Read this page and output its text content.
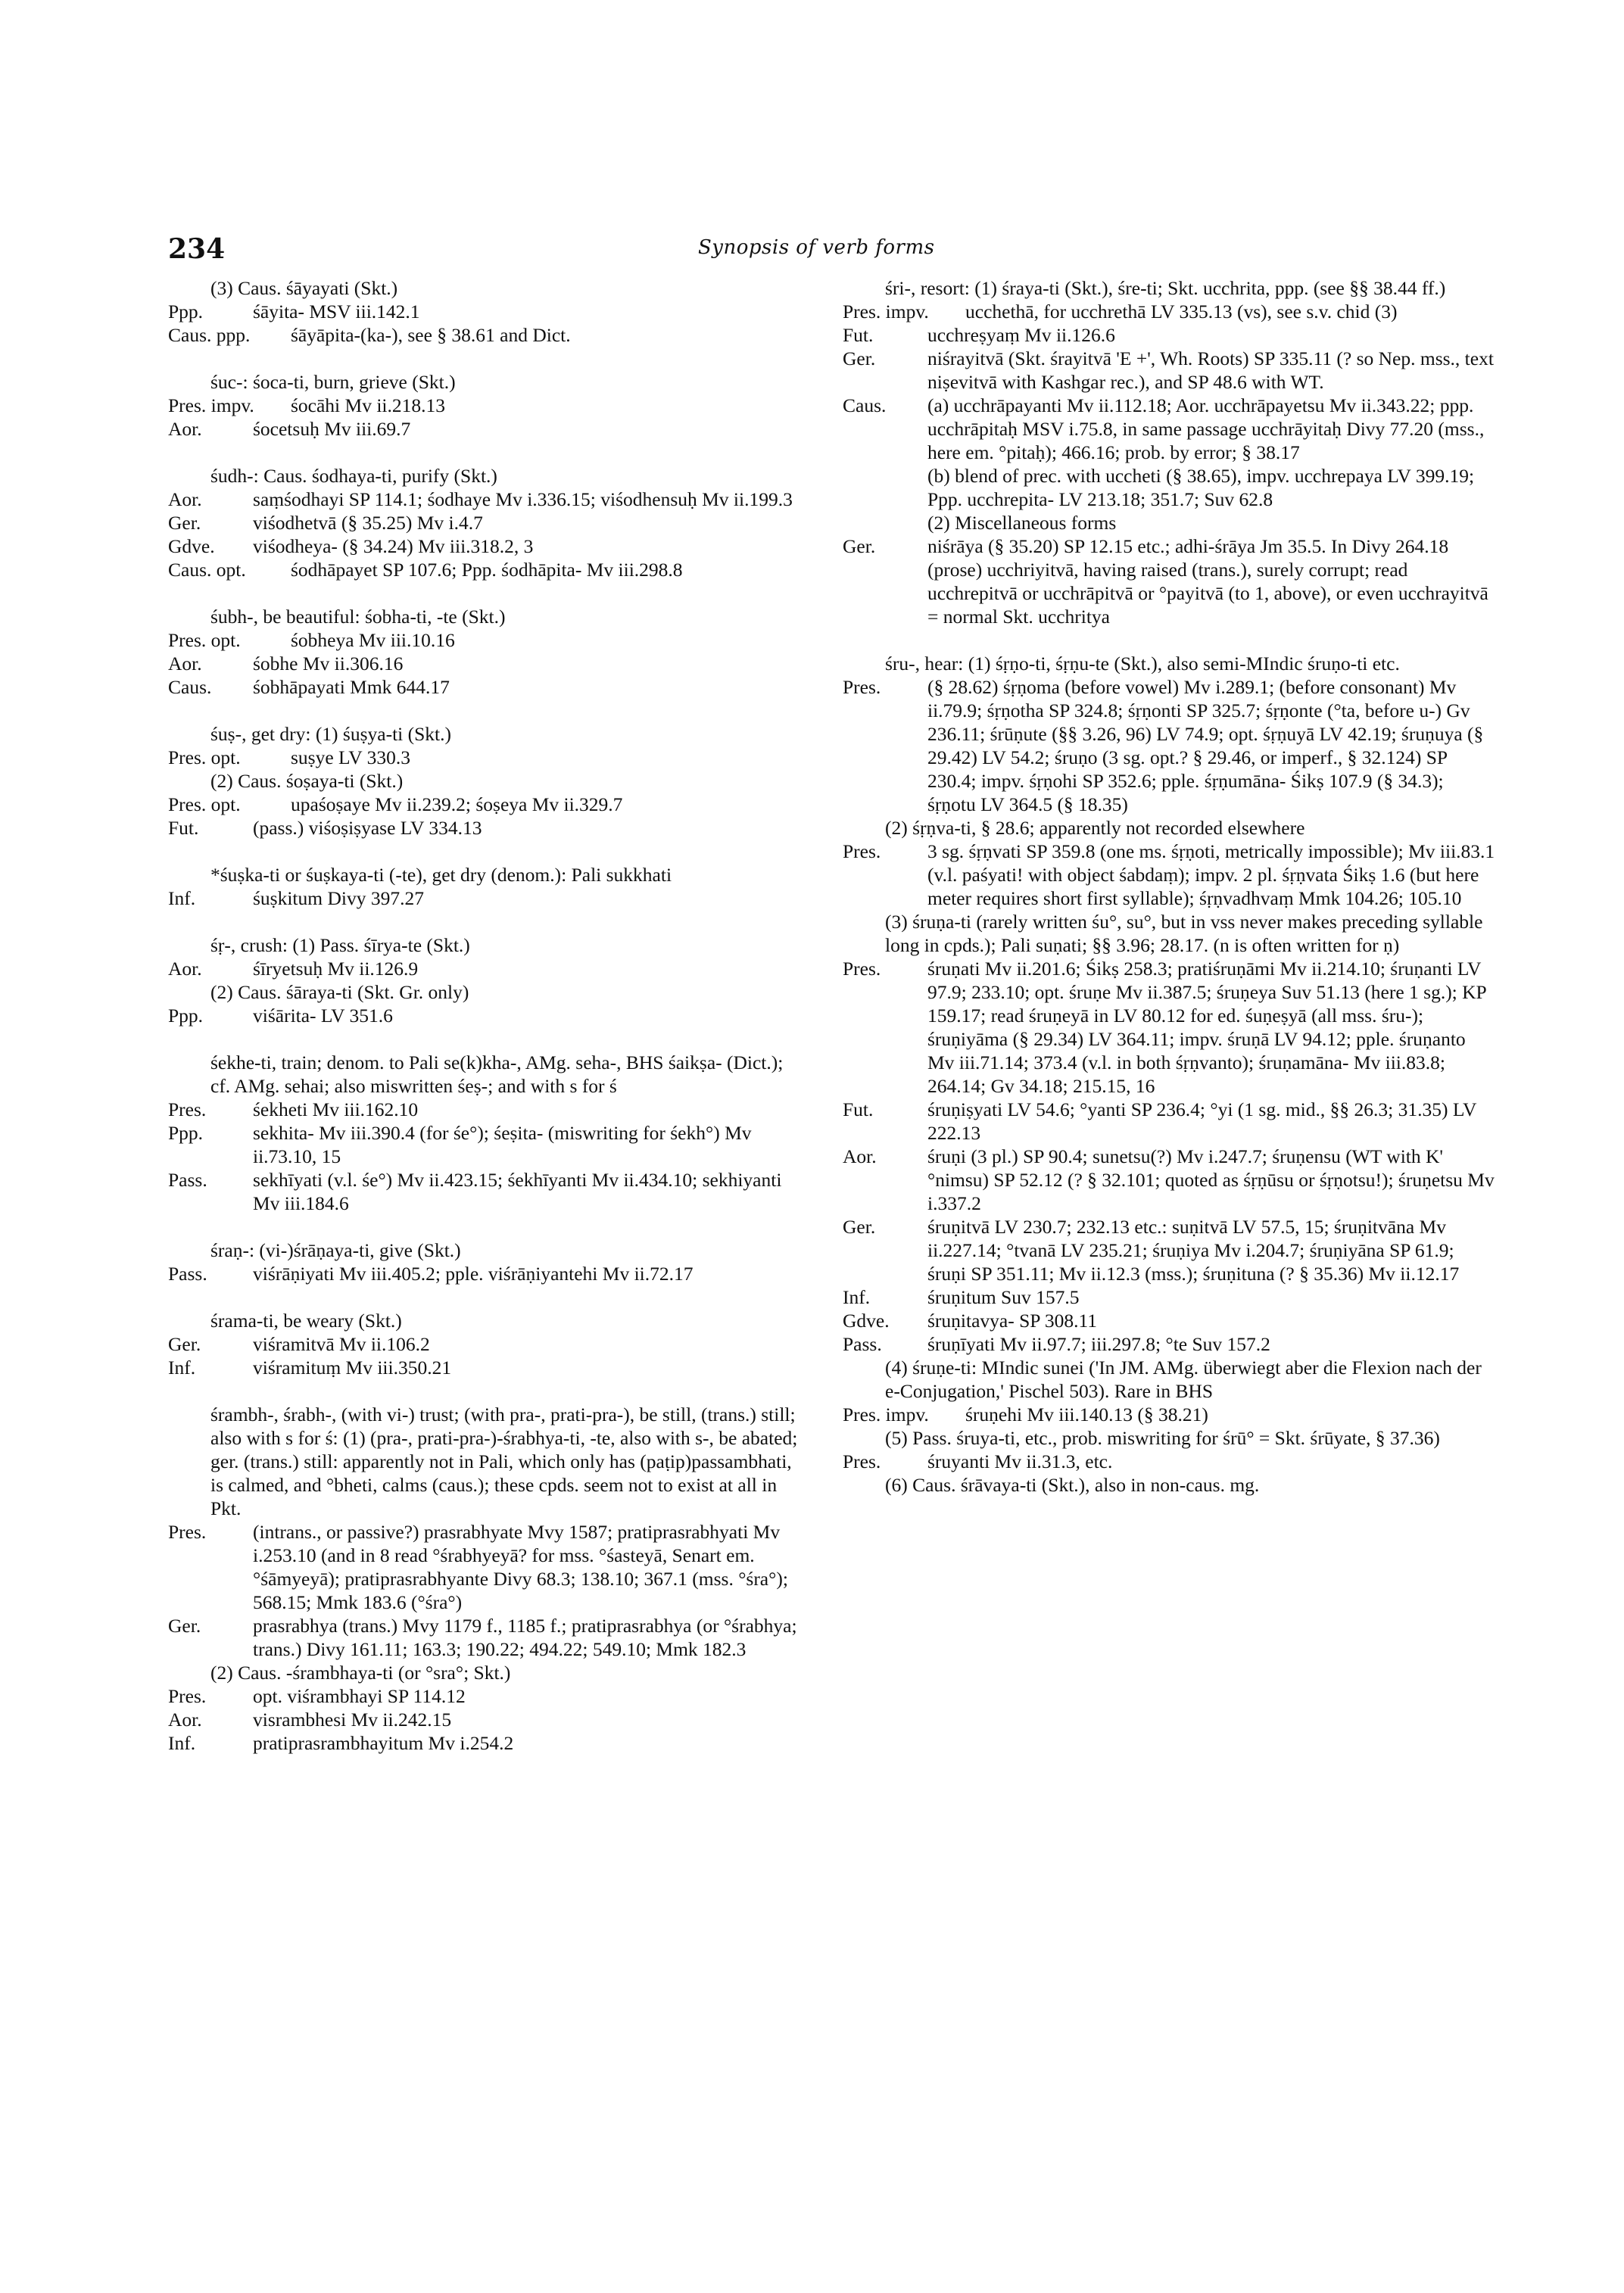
234	Synopsis of verb forms
(3) Caus. śāyayati (Skt.)
Ppp.	śāyita- MSV iii.142.1
Caus. ppp.	śāyāpita-(ka-), see § 38.61 and Dict.
śuc-: śoca-ti, burn, grieve (Skt.)
Pres. impv.	śocāhi Mv ii.218.13
Aor.	śocetsuḥ Mv iii.69.7
śudh-: Caus. śodhaya-ti, purify (Skt.)
Aor.	saṃśodhayi SP 114.1; śodhaye Mv i.336.15; viśodhensuḥ Mv ii.199.3
Ger.	viśodhetvā (§ 35.25) Mv i.4.7
Gdve.	viśodheya- (§ 34.24) Mv iii.318.2, 3
Caus. opt.	śodhāpayet SP 107.6; Ppp. śodhāpita- Mv iii.298.8
śubh-, be beautiful: śobha-ti, -te (Skt.)
Pres. opt.	śobheya Mv iii.10.16
Aor.	śobhe Mv ii.306.16
Caus.	śobhāpayati Mmk 644.17
śuṣ-, get dry: (1) śuṣya-ti (Skt.)
Pres. opt.	suṣye LV 330.3
(2) Caus. śoṣaya-ti (Skt.)
Pres. opt.	upaśoṣaye Mv ii.239.2; śoṣeya Mv ii.329.7
Fut.	(pass.) viśoṣiṣyase LV 334.13
*śuṣka-ti or śuṣkaya-ti (-te), get dry (denom.): Pali sukkhati
Inf.	śuṣkitum Divy 397.27
śṛ-, crush: (1) Pass. śīrya-te (Skt.)
Aor.	śīryetsuḥ Mv ii.126.9
(2) Caus. śāraya-ti (Skt. Gr. only)
Ppp.	viśārita- LV 351.6
śekhe-ti, train; denom. to Pali se(k)kha-, AMg. seha-, BHS śaikṣa- (Dict.); cf. AMg. sehai; also miswritten śeṣ-; and with s for ś
Pres.	śekheti Mv iii.162.10
Ppp.	sekhita- Mv iii.390.4 (for śe°); śeṣita- (miswriting for śekh°) Mv ii.73.10, 15
Pass.	sekhīyati (v.l. śe°) Mv ii.423.15; śekhīyanti Mv ii.434.10; sekhiyanti Mv iii.184.6
śraṇ-: (vi-)śrāṇaya-ti, give (Skt.)
Pass.	viśrāṇiyati Mv iii.405.2; pple. viśrāṇiyantehi Mv ii.72.17
śrama-ti, be weary (Skt.)
Ger.	viśramitvā Mv ii.106.2
Inf.	viśramituṃ Mv iii.350.21
śrambh-, śrabh-, (with vi-) trust; (with pra-, prati-pra-), be still, (trans.) still; also with s for ś: (1) (pra-, prati-pra-)-śrabhya-ti, -te, also with s-, be abated; ger. (trans.) still: apparently not in Pali, which only has (paṭip)passambhati, is calmed, and °bheti, calms (caus.); these cpds. seem not to exist at all in Pkt.
Pres.	(intrans., or passive?) prasrabhyate Mvy 1587; pratiprasrabhyati Mv i.253.10 (and in 8 read °śrabhyeyā? for mss. °śasteyā, Senart em. °śāmyeyā); pratiprasrabhyante Divy 68.3; 138.10; 367.1 (mss. °śra°); 568.15; Mmk 183.6 (°śra°)
Ger.	prasrabhya (trans.) Mvy 1179 f., 1185 f.; pratiprasrabhya (or °śrabhya; trans.) Divy 161.11; 163.3; 190.22; 494.22; 549.10; Mmk 182.3
(2) Caus. -śrambhaya-ti (or °sra°; Skt.)
Pres.	opt. viśrambhayi SP 114.12
Aor.	visrambhesi Mv ii.242.15
Inf.	pratiprasrambhayitum Mv i.254.2
śri-, resort: (1) śraya-ti (Skt.), śre-ti; Skt. ucchrita, ppp. (see §§ 38.44 ff.)
Pres. impv.	ucchethā, for ucchrethā LV 335.13 (vs), see s.v. chid (3)
Fut.	ucchreṣyaṃ Mv ii.126.6
Ger.	niśrayitvā (Skt. śrayitvā 'E +', Wh. Roots) SP 335.11 (? so Nep. mss., text niṣevitvā with Kashgar rec.), and SP 48.6 with WT.
Caus.	(a) ucchrāpayanti Mv ii.112.18; Aor. ucchrāpayetsu Mv ii.343.22; ppp. ucchrāpitaḥ MSV i.75.8, in same passage ucchrāyitaḥ Divy 77.20 (mss., here em. °pitaḥ); 466.16; prob. by error; § 38.17
(b) blend of prec. with uccheti (§ 38.65), impv. ucchrepaya LV 399.19; Ppp. ucchrepita- LV 213.18; 351.7; Suv 62.8
(2) Miscellaneous forms
Ger.	niśrāya (§ 35.20) SP 12.15 etc.; adhi-śrāya Jm 35.5. In Divy 264.18 (prose) ucchriyitvā, having raised (trans.), surely corrupt; read ucchrepitvā or ucchrāpitvā or °payitvā (to 1, above), or even ucchrayitvā = normal Skt. ucchritya
śru-, hear: (1) śṛṇo-ti, śṛṇu-te (Skt.), also semi-MIndic śruṇo-ti etc.
Pres.	(§ 28.62) śṛṇoma (before vowel) Mv i.289.1; (before consonant) Mv ii.79.9; śṛṇotha SP 324.8; śṛṇonti SP 325.7; śṛṇonte (°ta, before u-) Gv 236.11; śrūṇute (§§ 3.26, 96) LV 74.9; opt. śṛṇuyā LV 42.19; śruṇuya (§ 29.42) LV 54.2; śruṇo (3 sg. opt.? § 29.46, or imperf., § 32.124) SP 230.4; impv. śṛṇohi SP 352.6; pple. śṛṇumāna- Śikṣ 107.9 (§ 34.3); śṛṇotu LV 364.5 (§ 18.35)
(2) śṛṇva-ti, § 28.6; apparently not recorded elsewhere
Pres.	3 sg. śṛṇvati SP 359.8 (one ms. śṛṇoti, metrically impossible); Mv iii.83.1 (v.l. paśyati! with object śabdaṃ); impv. 2 pl. śṛṇvata Śikṣ 1.6 (but here meter requires short first syllable); śṛṇvadhvaṃ Mmk 104.26; 105.10
(3) śruṇa-ti (rarely written śu°, su°, but in vss never makes preceding syllable long in cpds.); Pali suṇati; §§ 3.96; 28.17. (n is often written for ṇ)
Pres.	śruṇati Mv ii.201.6; Śikṣ 258.3; pratiśruṇāmi Mv ii.214.10; śruṇanti LV 97.9; 233.10; opt. śruṇe Mv ii.387.5; śruṇeya Suv 51.13 (here 1 sg.); KP 159.17; read śruṇeyā in LV 80.12 for ed. śuṇeṣyā (all mss. śru-); śruṇiyāma (§ 29.34) LV 364.11; impv. śruṇā LV 94.12; pple. śruṇanto Mv iii.71.14; 373.4 (v.l. in both śṛṇvanto); śruṇamāna- Mv iii.83.8; 264.14; Gv 34.18; 215.15, 16
Fut.	śruṇiṣyati LV 54.6; °yanti SP 236.4; °yi (1 sg. mid., §§ 26.3; 31.35) LV 222.13
Aor.	śruṇi (3 pl.) SP 90.4; sunetsu(?) Mv i.247.7; śruṇensu (WT with K' °nimsu) SP 52.12 (? § 32.101; quoted as śṛṇūsu or śṛṇotsu!); śruṇetsu Mv i.337.2
Ger.	śruṇitvā LV 230.7; 232.13 etc.: suṇitvā LV 57.5, 15; śruṇitvāna Mv ii.227.14; °tvanā LV 235.21; śruṇiya Mv i.204.7; śruṇiyāna SP 61.9; śruṇi SP 351.11; Mv ii.12.3 (mss.); śruṇituna (? § 35.36) Mv ii.12.17
Inf.	śruṇitum Suv 157.5
Gdve.	śruṇitavya- SP 308.11
Pass.	śruṇīyati Mv ii.97.7; iii.297.8; °te Suv 157.2
(4) śruṇe-ti: MIndic sunei ('In JM. AMg. überwiegt aber die Flexion nach der e-Conjugation,' Pischel 503). Rare in BHS
Pres. impv.	śruṇehi Mv iii.140.13 (§ 38.21)
(5) Pass. śruya-ti, etc., prob. miswriting for śrū° = Skt. śrūyate, § 37.36)
Pres.	śruyanti Mv ii.31.3, etc.
(6) Caus. śrāvaya-ti (Skt.), also in non-caus. mg.
